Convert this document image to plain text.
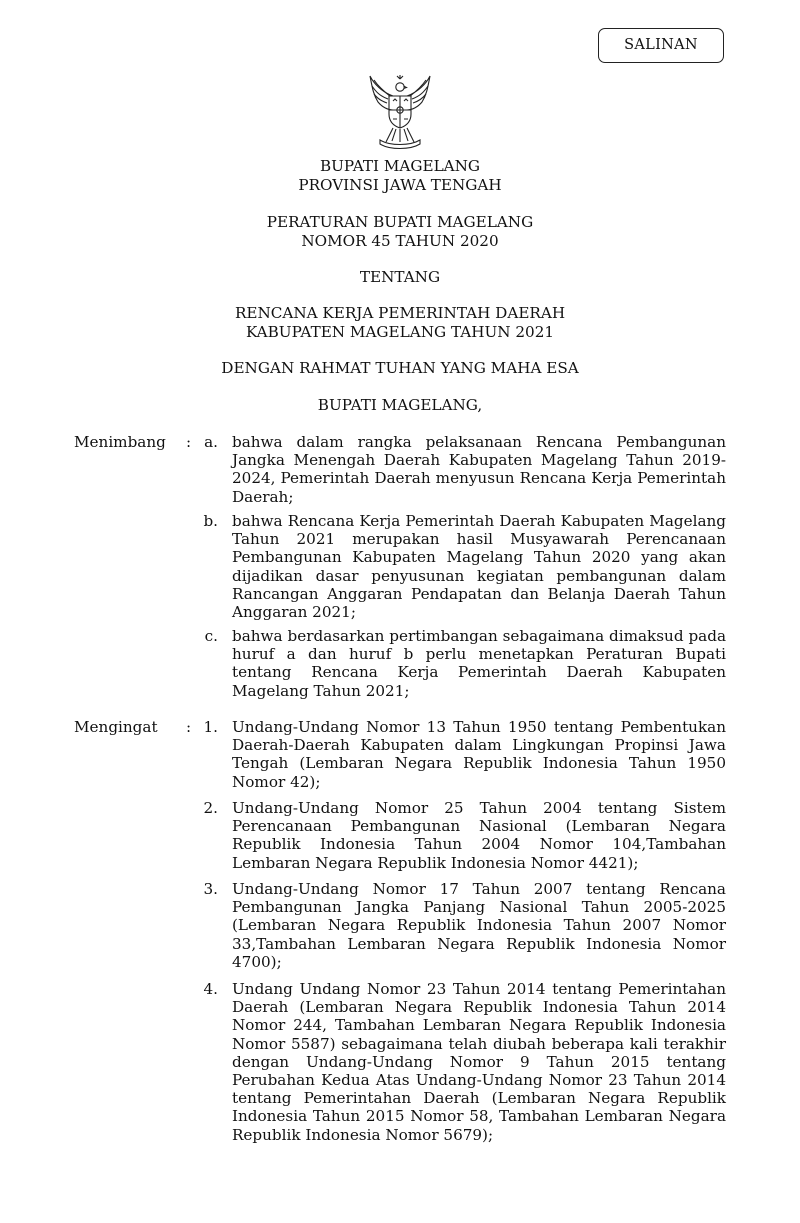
SALINAN
BUPATI MAGELANG
PROVINSI JAWA TENGAH
PERATURAN BUPATI MAGELANG
NOMOR 45 TAHUN 2020
TENTANG
RENCANA KERJA PEMERINTAH DAERAH
KABUPATEN MAGELANG TAHUN 2021
DENGAN RAHMAT TUHAN YANG MAHA ESA
BUPATI MAGELANG,
Menimbang : a. bahwa dalam rangka pelaksanaan Rencana Pembangunan Jangka Menengah Daerah Kabupaten Magelang Tahun 2019-2024, Pemerintah Daerah menyusun Rencana Kerja Pemerintah Daerah;
b. bahwa Rencana Kerja Pemerintah Daerah Kabupaten Magelang Tahun 2021 merupakan hasil Musyawarah Perencanaan Pembangunan Kabupaten Magelang Tahun 2020 yang akan dijadikan dasar penyusunan kegiatan pembangunan dalam Rancangan Anggaran Pendapatan dan Belanja Daerah Tahun Anggaran 2021;
c. bahwa berdasarkan pertimbangan sebagaimana dimaksud pada huruf a dan huruf b perlu menetapkan Peraturan Bupati tentang Rencana Kerja Pemerintah Daerah Kabupaten Magelang Tahun 2021;
Mengingat : 1. Undang-Undang Nomor 13 Tahun 1950 tentang Pembentukan Daerah-Daerah Kabupaten dalam Lingkungan Propinsi Jawa Tengah (Lembaran Negara Republik Indonesia Tahun 1950 Nomor 42);
2. Undang-Undang Nomor 25 Tahun 2004 tentang Sistem Perencanaan Pembangunan Nasional (Lembaran Negara Republik Indonesia Tahun 2004 Nomor 104,Tambahan Lembaran Negara Republik Indonesia Nomor 4421);
3. Undang-Undang Nomor 17 Tahun 2007 tentang Rencana Pembangunan Jangka Panjang Nasional Tahun 2005-2025 (Lembaran Negara Republik Indonesia Tahun 2007 Nomor 33,Tambahan Lembaran Negara Republik Indonesia Nomor 4700);
4. Undang Undang Nomor 23 Tahun 2014 tentang Pemerintahan Daerah (Lembaran Negara Republik Indonesia Tahun 2014 Nomor 244, Tambahan Lembaran Negara Republik Indonesia Nomor 5587) sebagaimana telah diubah beberapa kali terakhir dengan Undang-Undang Nomor 9 Tahun 2015 tentang Perubahan Kedua Atas Undang-Undang Nomor 23 Tahun 2014 tentang Pemerintahan Daerah (Lembaran Negara Republik Indonesia Tahun 2015 Nomor 58, Tambahan Lembaran Negara Republik Indonesia Nomor 5679);
